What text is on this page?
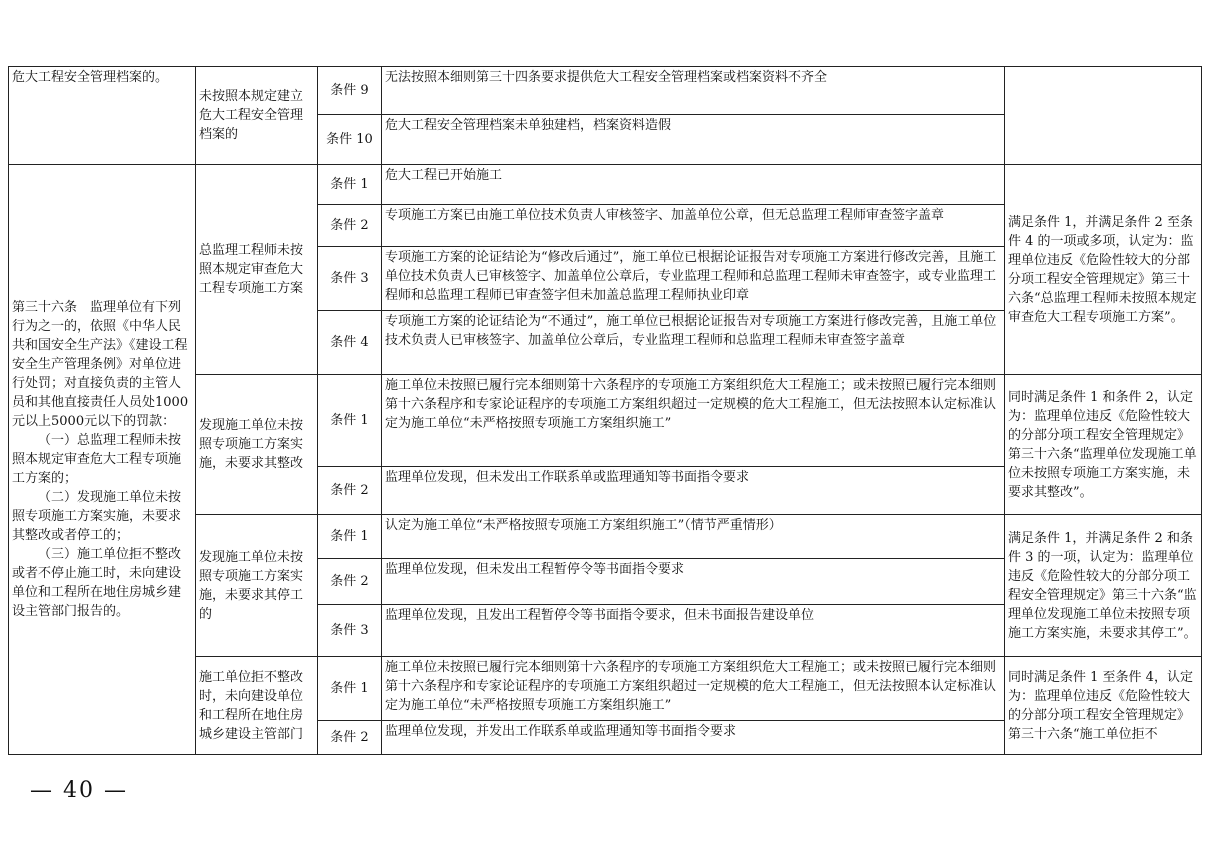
危大工程安全管理档案的。	未按照本规定建立危大工程安全管理档案的	条件 9	无法按照本细则第三十四条要求提供危大工程安全管理档案或档案资料不齐全	
		条件 10	危大工程安全管理档案未单独建档，档案资料造假	

第三十六条　监理单位有下列行为之一的，依照《中华人民共和国安全生产法》《建设工程安全生产管理条例》对单位进行处罚；对直接负责的主管人员和其他直接责任人员处1000元以上5000元以下的罚款：

（一）总监理工程师未按照本规定审查危大工程专项施工方案的；

（二）发现施工单位未按照专项施工方案实施，未要求其整改或者停工的；

（三）施工单位拒不整改或者不停止施工时，未向建设单位和工程所在地住房城乡建设主管部门报告的。	总监理工程师未按照本规定审查危大工程专项施工方案	条件 1	危大工程已开始施工	满足条件 1，并满足条件 2 至条件 4 的一项或多项，认定为：监理单位违反《危险性较大的分部分项工程安全管理规定》第三十六条“总监理工程师未按照本规定审查危大工程专项施工方案”。
		条件 2	专项施工方案已由施工单位技术负责人审核签字、加盖单位公章，但无总监理工程师审查签字盖章	
		条件 3	专项施工方案的论证结论为“修改后通过”，施工单位已根据论证报告对专项施工方案进行修改完善，且施工单位技术负责人已审核签字、加盖单位公章后，专业监理工程师和总监理工程师未审查签字，或专业监理工程师和总监理工程师已审查签字但未加盖总监理工程师执业印章	
		条件 4	专项施工方案的论证结论为“不通过”，施工单位已根据论证报告对专项施工方案进行修改完善，且施工单位技术负责人已审核签字、加盖单位公章后，专业监理工程师和总监理工程师未审查签字盖章	
	发现施工单位未按照专项施工方案实施，未要求其整改	条件 1	施工单位未按照已履行完本细则第十六条程序的专项施工方案组织危大工程施工；或未按照已履行完本细则第十六条程序和专家论证程序的专项施工方案组织超过一定规模的危大工程施工，但无法按照本认定标准认定为施工单位“未严格按照专项施工方案组织施工”	同时满足条件 1 和条件 2，认定为：监理单位违反《危险性较大的分部分项工程安全管理规定》第三十六条“监理单位发现施工单位未按照专项施工方案实施，未要求其整改”。
		条件 2	监理单位发现，但未发出工作联系单或监理通知等书面指令要求	
	发现施工单位未按照专项施工方案实施，未要求其停工的	条件 1	认定为施工单位“未严格按照专项施工方案组织施工”（情节严重情形）	满足条件 1，并满足条件 2 和条件 3 的一项，认定为：监理单位违反《危险性较大的分部分项工程安全管理规定》第三十六条“监理单位发现施工单位未按照专项施工方案实施，未要求其停工”。
		条件 2	监理单位发现，但未发出工程暂停令等书面指令要求	
		条件 3	监理单位发现，且发出工程暂停令等书面指令要求，但未书面报告建设单位	
	施工单位拒不整改时，未向建设单位和工程所在地住房城乡建设主管部门	条件 1	施工单位未按照已履行完本细则第十六条程序的专项施工方案组织危大工程施工；或未按照已履行完本细则第十六条程序和专家论证程序的专项施工方案组织超过一定规模的危大工程施工，但无法按照本认定标准认定为施工单位“未严格按照专项施工方案组织施工”	同时满足条件 1 至条件 4，认定为：监理单位违反《危险性较大的分部分项工程安全管理规定》第三十六条“施工单位拒不
		条件 2	监理单位发现，并发出工作联系单或监理通知等书面指令要求	
— 40 —
